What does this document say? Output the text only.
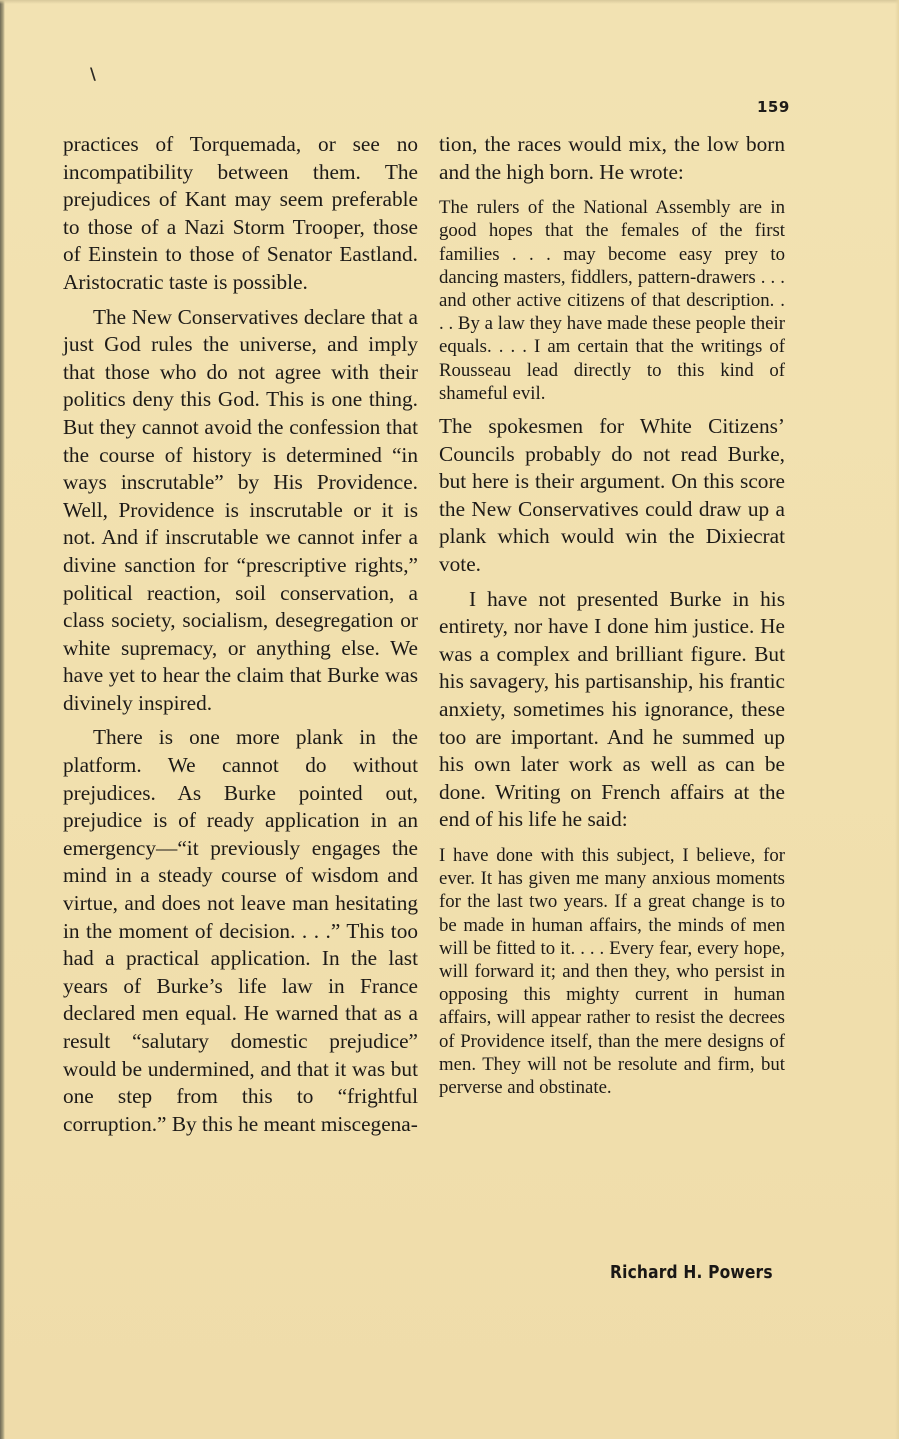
\
159

practices of Torquemada, or see no incompatibility between them. The prejudices of Kant may seem preferable to those of a Nazi Storm Trooper, those of Einstein to those of Senator Eastland. Aristocratic taste is possible.

The New Conservatives declare that a just God rules the universe, and imply that those who do not agree with their politics deny this God. This is one thing. But they cannot avoid the confession that the course of history is determined “in ways inscrutable” by His Providence. Well, Providence is inscrutable or it is not. And if inscrutable we cannot infer a divine sanction for “prescriptive rights,” political reaction, soil conservation, a class society, socialism, desegregation or white supremacy, or anything else. We have yet to hear the claim that Burke was divinely inspired.

There is one more plank in the platform. We cannot do without prejudices. As Burke pointed out, prejudice is of ready application in an emergency—“it previously engages the mind in a steady course of wisdom and virtue, and does not leave man hesitating in the moment of decision. . . .” This too had a practical application. In the last years of Burke’s life law in France declared men equal. He warned that as a result “salutary domestic prejudice” would be undermined, and that it was but one step from this to “frightful corruption.” By this he meant miscegena-

tion, the races would mix, the low born and the high born. He wrote:

The rulers of the National Assembly are in good hopes that the females of the first families . . . may become easy prey to dancing masters, fiddlers, pattern-drawers . . . and other active citizens of that description. . . . By a law they have made these people their equals. . . . I am certain that the writings of Rousseau lead directly to this kind of shameful evil.

The spokesmen for White Citizens’ Councils probably do not read Burke, but here is their argument. On this score the New Conservatives could draw up a plank which would win the Dixiecrat vote.

I have not presented Burke in his entirety, nor have I done him justice. He was a complex and brilliant figure. But his savagery, his partisanship, his frantic anxiety, sometimes his ignorance, these too are important. And he summed up his own later work as well as can be done. Writing on French affairs at the end of his life he said:

I have done with this subject, I believe, for ever. It has given me many anxious moments for the last two years. If a great change is to be made in human affairs, the minds of men will be fitted to it. . . . Every fear, every hope, will forward it; and then they, who persist in opposing this mighty current in human affairs, will appear rather to resist the decrees of Providence itself, than the mere designs of men. They will not be resolute and firm, but perverse and obstinate.

Richard H. Powers
